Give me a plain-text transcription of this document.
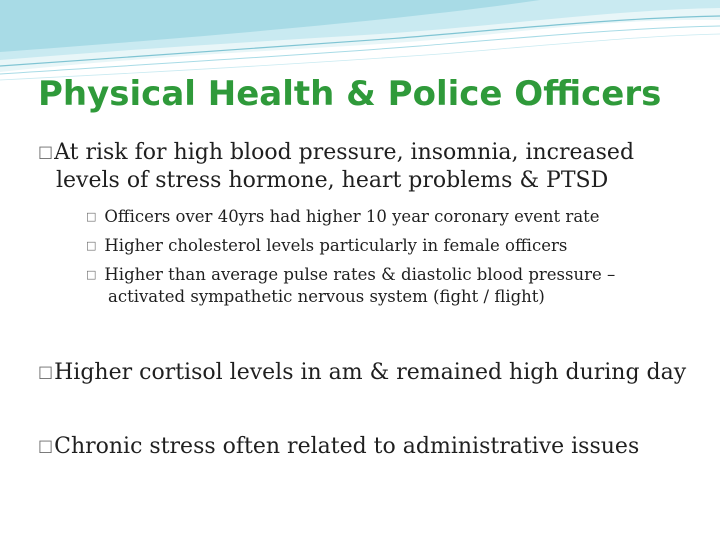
Physical Health & Police Officers
□At risk for high blood pressure, insomnia, increased
levels of stress hormone, heart problems & PTSD
□ Officers over 40yrs had higher 10 year coronary event rate
□ Higher cholesterol levels particularly in female officers
□ Higher than average pulse rates & diastolic blood pressure –
activated sympathetic nervous system (fight / flight)
□Higher cortisol levels in am & remained high during day
□Chronic stress often related to administrative issues
